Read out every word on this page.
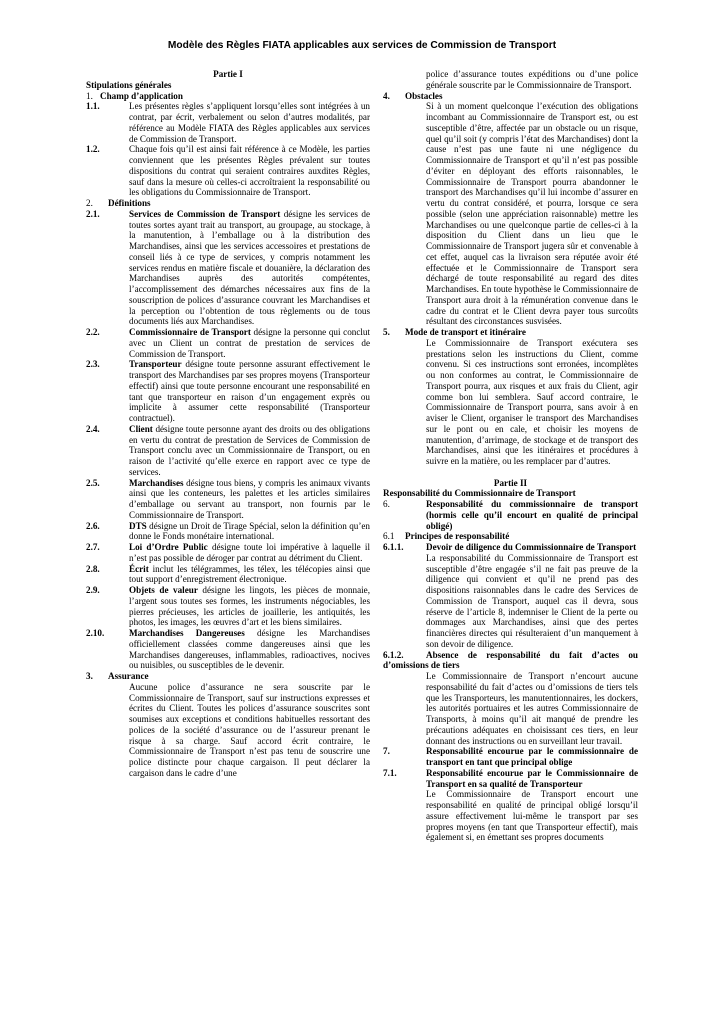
Modèle des Règles FIATA applicables aux services de Commission de Transport
Partie I
Stipulations générales
1. Champ d’application

1.1.	Les présentes règles s’appliquent lorsqu’elles sont intégrées à un contrat, par écrit, verbalement ou selon d’autres modalités, par référence au Modèle FIATA des Règles applicables aux services de Commission de Transport.
1.2.	Chaque fois qu’il est ainsi fait référence à ce Modèle, les parties conviennent que les présentes Règles prévalent sur toutes dispositions du contrat qui seraient contraires auxdites Règles, sauf dans la mesure où celles-ci accroîtraient la responsabilité ou les obligations du Commissionnaire de Transport.
2. Définitions

2.1.	Services de Commission de Transport désigne les services de toutes sortes ayant trait au transport, au groupage, au stockage, à la manutention, à l’emballage ou à la distribution des Marchandises, ainsi que les services accessoires et prestations de conseil liés à ce type de services, y compris notamment les services rendus en matière fiscale et douanière, la déclaration des Marchandises auprès des autorités compétentes, l’accomplissement des démarches nécessaires aux fins de la souscription de polices d’assurance couvrant les Marchandises et la perception ou l’obtention de tous règlements ou de tous documents liés aux Marchandises.
2.2.	Commissionnaire de Transport désigne la personne qui conclut avec un Client un contrat de prestation de services de Commission de Transport.
2.3.	Transporteur désigne toute personne assurant effectivement le transport des Marchandises par ses propres moyens (Transporteur effectif) ainsi que toute personne encourant une responsabilité en tant que transporteur en raison d’un engagement exprès ou implicite à assumer cette responsabilité (Transporteur contractuel).
2.4.	Client désigne toute personne ayant des droits ou des obligations en vertu du contrat de prestation de Services de Commission de Transport conclu avec un Commissionnaire de Transport, ou en raison de l’activité qu’elle exerce en rapport avec ce type de services.
2.5.	Marchandises désigne tous biens, y compris les animaux vivants ainsi que les conteneurs, les palettes et les articles similaires d’emballage ou servant au transport, non fournis par le Commissionnaire de Transport.
2.6.	DTS désigne un Droit de Tirage Spécial, selon la définition qu’en donne le Fonds monétaire international.
2.7.	Loi d’Ordre Public désigne toute loi impérative à laquelle il n’est pas possible de déroger par contrat au détriment du Client.
2.8.	Écrit inclut les télégrammes, les télex, les télécopies ainsi que tout support d’enregistrement électronique.
2.9.	Objets de valeur désigne les lingots, les pièces de monnaie, l’argent sous toutes ses formes, les instruments négociables, les pierres précieuses, les articles de joaillerie, les antiquités, les photos, les images, les œuvres d’art et les biens similaires.
2.10.	Marchandises Dangereuses désigne les Marchandises officiellement classées comme dangereuses ainsi que les Marchandises dangereuses, inflammables, radioactives, nocives ou nuisibles, ou susceptibles de le devenir.
3. Assurance

Aucune police d’assurance ne sera souscrite par le Commissionnaire de Transport, sauf sur instructions expresses et écrites du Client. Toutes les polices d’assurance souscrites sont soumises aux exceptions et conditions habituelles ressortant des polices de la société d’assurance ou de l’assureur prenant le risque à sa charge. Sauf accord écrit contraire, le Commissionnaire de Transport n’est pas tenu de souscrire une police distincte pour chaque cargaison. Il peut déclarer la cargaison dans le cadre d’une
police d’assurance toutes expéditions ou d’une police générale souscrite par le Commissionnaire de Transport.
4. Obstacles

Si à un moment quelconque l’exécution des obligations incombant au Commissionnaire de Transport est, ou est susceptible d’être, affectée par un obstacle ou un risque, quel qu’il soit (y compris l’état des Marchandises) dont la cause n’est pas une faute ni une négligence du Commissionnaire de Transport et qu’il n’est pas possible d’éviter en déployant des efforts raisonnables, le Commissionnaire de Transport pourra abandonner le transport des Marchandises qu’il lui incombe d’assurer en vertu du contrat considéré, et pourra, lorsque ce sera possible (selon une appréciation raisonnable) mettre les Marchandises ou une quelconque partie de celles-ci à la disposition du Client dans un lieu que le Commissionnaire de Transport jugera sûr et convenable à cet effet, auquel cas la livraison sera réputée avoir été effectuée et le Commissionnaire de Transport sera déchargé de toute responsabilité au regard des dites Marchandises. En toute hypothèse le Commissionnaire de Transport aura droit à la rémunération convenue dans le cadre du contrat et le Client devra payer tous surcoûts résultant des circonstances susvisées.
5. Mode de transport et itinéraire

Le Commissionnaire de Transport exécutera ses prestations selon les instructions du Client, comme convenu. Si ces instructions sont erronées, incomplètes ou non conformes au contrat, le Commissionnaire de Transport pourra, aux risques et aux frais du Client, agir comme bon lui semblera. Sauf accord contraire, le Commissionnaire de Transport pourra, sans avoir à en aviser le Client, organiser le transport des Marchandises sur le pont ou en cale, et choisir les moyens de manutention, d’arrimage, de stockage et de transport des Marchandises, ainsi que les itinéraires et procédures à suivre en la matière, ou les remplacer par d’autres.
Partie II
Responsabilité du Commissionnaire de Transport
6.	Responsabilité du commissionnaire de transport (hormis celle qu’il encourt en qualité de principal obligé)
6.1 Principes de responsabilité
6.1.1. Devoir de diligence du Commissionnaire de Transport
La responsabilité du Commissionnaire de Transport est susceptible d’être engagée s’il ne fait pas preuve de la diligence qui convient et qu’il ne prend pas des dispositions raisonnables dans le cadre des Services de Commission de Transport, auquel cas il devra, sous réserve de l’article 8, indemniser le Client de la perte ou dommages aux Marchandises, ainsi que des pertes financières directes qui résulteraient d’un manquement à son devoir de diligence.
6.1.2. Absence de responsabilité du fait d’actes ou d’omissions de tiers
Le Commissionnaire de Transport n’encourt aucune responsabilité du fait d’actes ou d’omissions de tiers tels que les Transporteurs, les manutentionnaires, les dockers, les autorités portuaires et les autres Commissionnaire de Transports, à moins qu’il ait manqué de prendre les précautions adéquates en choisissant ces tiers, en leur donnant des instructions ou en surveillant leur travail.
7.	Responsabilité encourue par le commissionnaire de transport en tant que principal oblige
7.1.	Responsabilité encourue par le Commissionnaire de Transport en sa qualité de Transporteur
Le Commissionnaire de Transport encourt une responsabilité en qualité de principal obligé lorsqu’il assure effectivement lui-même le transport par ses propres moyens (en tant que Transporteur effectif), mais également si, en émettant ses propres documents
